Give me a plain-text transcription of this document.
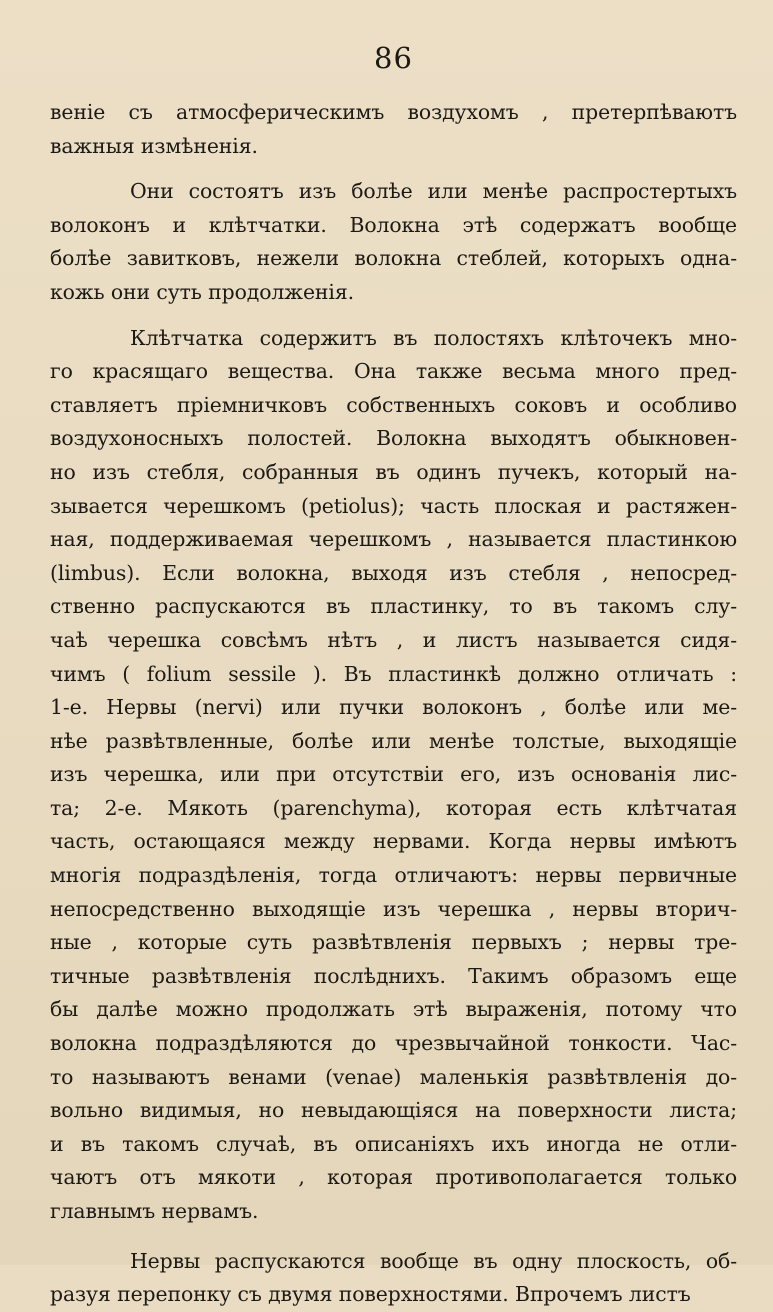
86
венiе съ атмосферическимъ воздухомъ , претерпѣваютъ
важныя измѣненiя.
Они состоятъ изъ болѣе или менѣе распростертыхъ
волоконъ и клѣтчатки. Волокна этѣ содержатъ вообще
болѣе завитковъ, нежели волокна стеблей, которыхъ одна-
кожь они суть продолженiя.
Клѣтчатка содержитъ въ полостяхъ клѣточекъ мно-
го красящаго вещества. Она также весьма много пред-
ставляетъ прiемничковъ собственныхъ соковъ и особливо
воздухоносныхъ полостей. Волокна выходятъ обыкновен-
но изъ стебля, собранныя въ одинъ пучекъ, который на-
зывается черешкомъ (petiolus); часть плоская и растяжен-
ная, поддерживаемая черешкомъ , называется пластинкою
(limbus). Если волокна, выходя изъ стебля , непосред-
ственно распускаются въ пластинку, то въ такомъ слу-
чаѣ черешка совсѣмъ нѣтъ , и листъ называется сидя-
чимъ ( folium sessile ). Въ пластинкѣ должно отличать :
1-е. Нервы (nervi) или пучки волоконъ , болѣе или ме-
нѣе развѣтвленные, болѣе или менѣе толстые, выходящiе
изъ черешка, или при отсутствiи его, изъ основанiя лис-
та; 2-е. Мякоть (parenchyma), которая есть клѣтчатая
часть, остающаяся между нервами. Когда нервы имѣютъ
многiя подраздѣленiя, тогда отличаютъ: нервы первичные
непосредственно выходящiе изъ черешка , нервы вторич-
ные , которые суть развѣтвленiя первыхъ ; нервы тре-
тичные развѣтвленiя послѣднихъ. Такимъ образомъ еще
бы далѣе можно продолжать этѣ выраженiя, потому что
волокна подраздѣляются до чрезвычайной тонкости. Час-
то называютъ венами (venae) маленькiя развѣтвленiя до-
вольно видимыя, но невыдающiяся на поверхности листа;
и въ такомъ случаѣ, въ описанiяхъ ихъ иногда не отли-
чаютъ отъ мякоти , которая противополагается только
главнымъ нервамъ.
Нервы распускаются вообще въ одну плоскость, об-
разуя перепонку съ двумя поверхностями. Впрочемъ листъ
